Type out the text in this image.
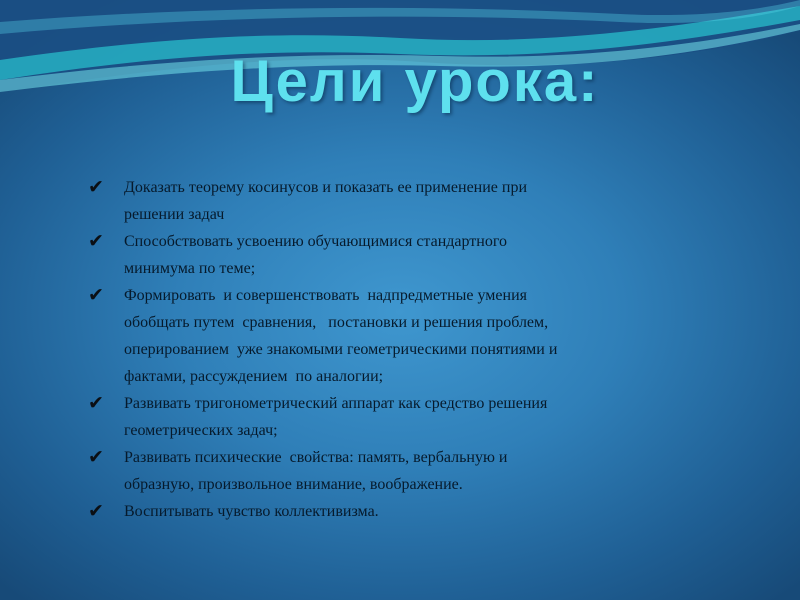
Цели урока:
✔ Доказать теорему косинусов и показать ее применение при
решении задач
✔ Способствовать усвоению обучающимися стандартного
минимума по теме;
✔ Формировать  и совершенствовать  надпредметные умения
обобщать путем  сравнения,   постановки и решения проблем,
оперированием  уже знакомыми геометрическими понятиями и
фактами, рассуждением  по аналогии;
✔ Развивать тригонометрический аппарат как средство решения
геометрических задач;
✔ Развивать психические  свойства: память, вербальную и
образную, произвольное внимание, воображение.
✔ Воспитывать чувство коллективизма.
